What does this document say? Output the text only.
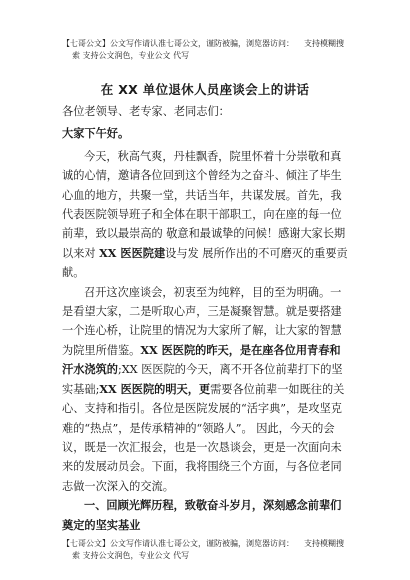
【七哥公文】公文写作请认准七哥公文，谨防被骗，浏览器访问： 支持模糊搜
索 支持公文润色，专业公文 代写
在 XX 单位退休人员座谈会上的讲话

各位老领导、老专家、老同志们：

大家下午好。

今天，秋高气爽，丹桂飘香，院里怀着十分崇敬和真诚的心情，邀请各位回到这个曾经为之奋斗、倾注了毕生心血的地方，共聚一堂，共话当年，共谋发展。首先，我代表医院领导班子和全体在职干部职工，向在座的每一位前辈，致以最崇高的 敬意和最诚挚的问候！感谢大家长期以来对 XX 医医院建设与发 展所作出的不可磨灭的重要贡献。

召开这次座谈会，初衷至为纯粹，目的至为明确。一是看望大家，二是听取心声，三是凝聚智慧。就是要搭建一个连心桥，让院里的情况为大家所了解，让大家的智慧为院里所借鉴。XX 医医院的昨天，是在座各位用青春和汗水浇筑的;XX 医医院的今天，离不开各位前辈打下的坚实基础;XX 医医院的明天，更需要各位前辈一如既往的关心、支持和指引。各位是医院发展的“活字典”，是攻坚克难的“热点”，是传承精神的“领路人”。 因此，今天的会议，既是一次汇报会，也是一次恳谈会，更是一次面向未来的发展动员会。下面，我将围绕三个方面，与各位老同志做一次深入的交流。

一、回顾光辉历程，致敬奋斗岁月，深刻感念前辈们奠定的坚实基业

【七哥公文】公文写作请认准七哥公文，谨防被骗，浏览器访问： 支持模糊搜
索 支持公文润色，专业公文 代写
